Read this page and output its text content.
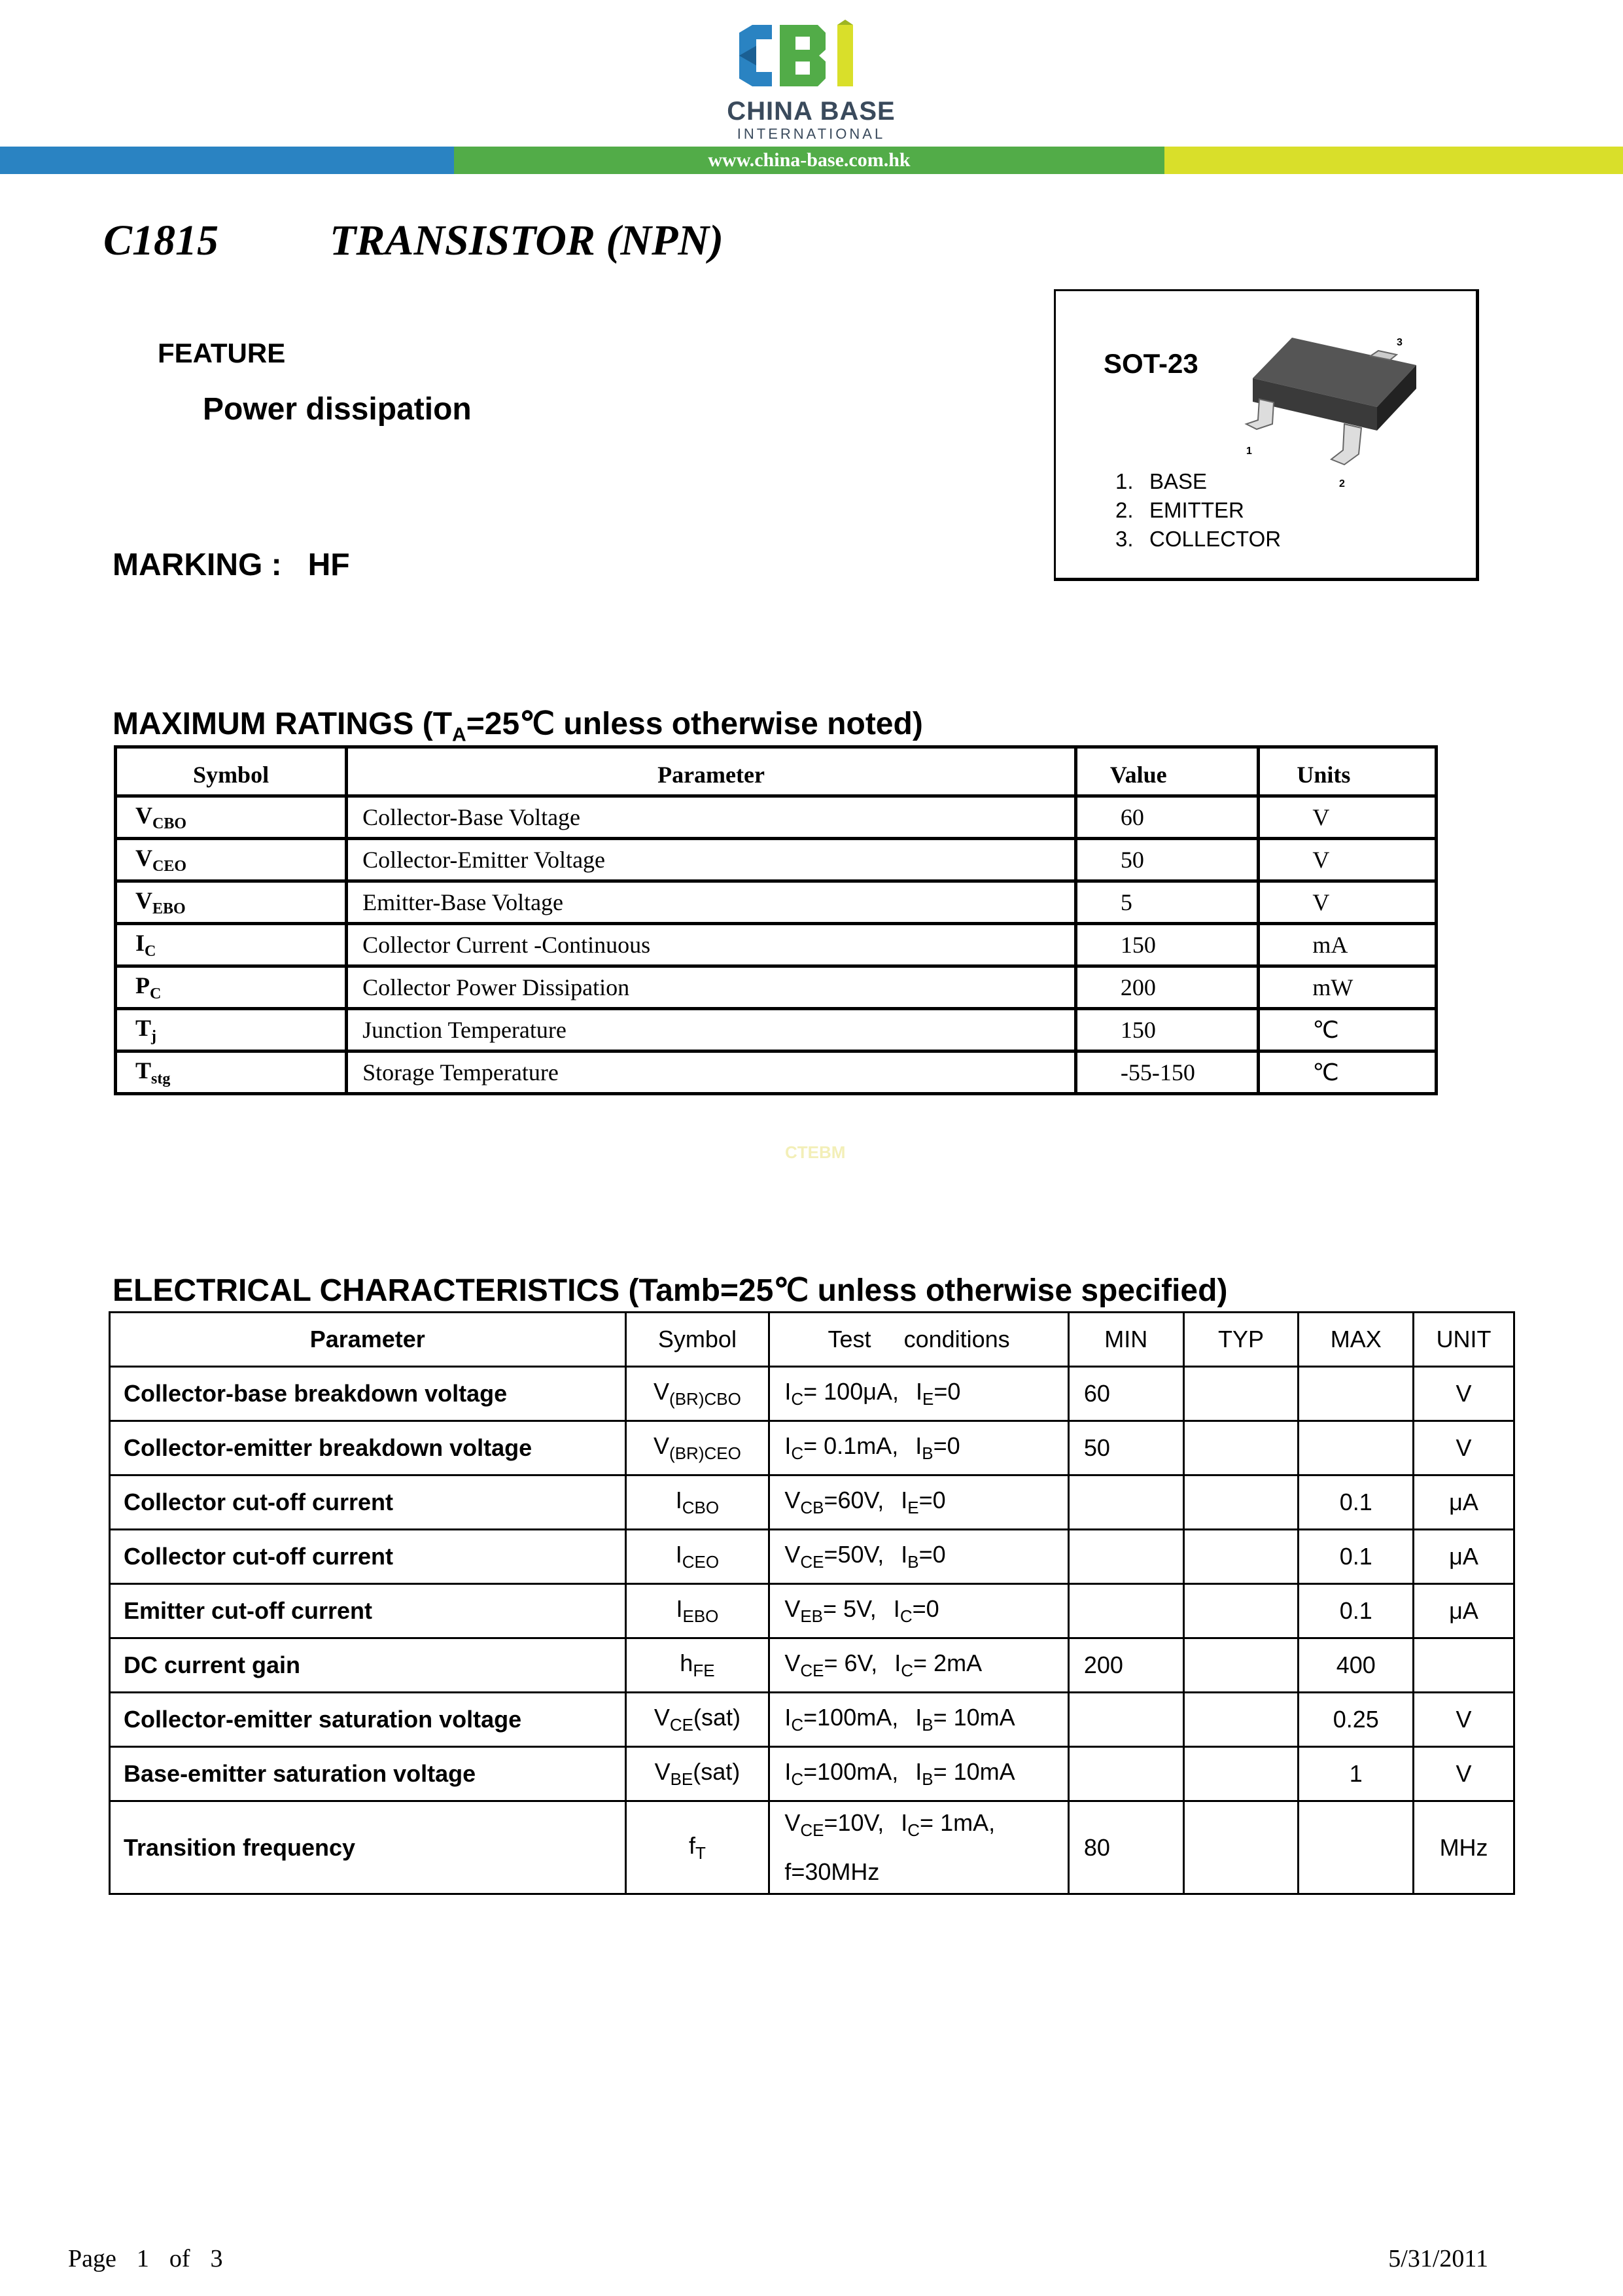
CHINA BASE
INTERNATIONAL
www.china-base.com.hk
C1815	TRANSISTOR (NPN)
FEATURE
Power dissipation
MARKING : HF
SOT-23
3
1
2
1. BASE
2. EMITTER
3. COLLECTOR
MAXIMUM RATINGS ($T_A=25℃$ unless otherwise noted)
Symbol	Parameter	Value	Units
$V_{CBO}$	Collector-Base Voltage	60	V
$V_{CEO}$	Collector-Emitter Voltage	50	V
$V_{EBO}$	Emitter-Base Voltage	5	V
$I_C$	Collector Current -Continuous	150	mA
$P_C$	Collector Power Dissipation	200	mW
$T_j$	Junction Temperature	150	℃
$T_{stg}$	Storage Temperature	-55-150	℃
CTEBM
ELECTRICAL CHARACTERISTICS (Tamb=25℃ unless otherwise specified)
Parameter	Symbol	Test     conditions	MIN	TYP	MAX	UNIT
Collector-base breakdown voltage	$V_{(BR)CBO}$	$I_C= 100\mu A$, $I_E=0$	60			V
Collector-emitter breakdown voltage	$V_{(BR)CEO}$	$I_C= 0.1mA$, $I_B=0$	50			V
Collector cut-off current	$I_{CBO}$	$V_{CB}=60V$, $I_E=0$			0.1	μA
Collector cut-off current	$I_{CEO}$	$V_{CE}=50V$, $I_B=0$			0.1	μA
Emitter cut-off current	$I_{EBO}$	$V_{EB}= 5V$, $I_C=0$			0.1	μA
DC current gain	$h_{FE}$	$V_{CE}= 6V$, $I_C= 2mA$	200		400	
Collector-emitter saturation voltage	$V_{CE}(sat)$	$I_C=100mA$, $I_B= 10mA$			0.25	V
Base-emitter saturation voltage	$V_{BE}(sat)$	$I_C=100mA$, $I_B= 10mA$			1	V
Transition frequency	$f_T$	$V_{CE}=10V$, $I_C= 1mA$,
f=30MHz	80			MHz
Page  1  of  3	5/31/2011
